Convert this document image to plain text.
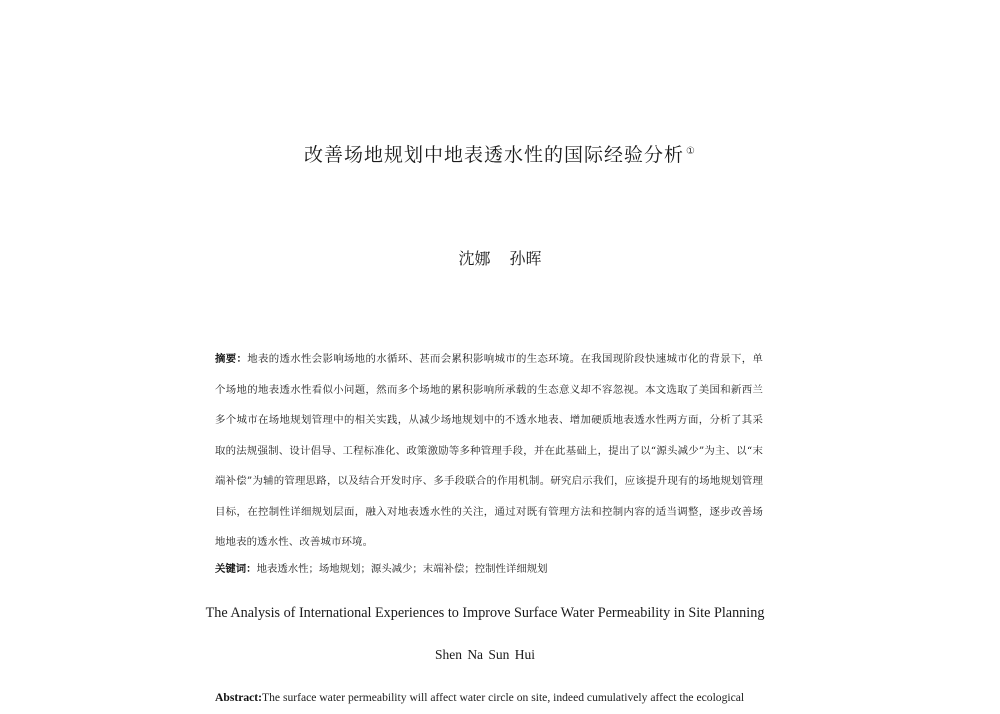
改善场地规划中地表透水性的国际经验分析 ①
沈娜 孙晖
摘要：地表的透水性会影响场地的水循环、甚而会累积影响城市的生态环境。在我国现阶段快速城市化的背景下，单个场地的地表透水性看似小问题，然而多个场地的累积影响所承载的生态意义却不容忽视。本文选取了美国和新西兰多个城市在场地规划管理中的相关实践，从减少场地规划中的不透水地表、增加硬质地表透水性两方面，分析了其采取的法规强制、设计倡导、工程标准化、政策激励等多种管理手段，并在此基础上，提出了以“源头减少”为主、以“末端补偿”为辅的管理思路，以及结合开发时序、多手段联合的作用机制。研究启示我们，应该提升现有的场地规划管理目标，在控制性详细规划层面，融入对地表透水性的关注，通过对既有管理方法和控制内容的适当调整，逐步改善场地地表的透水性、改善城市环境。
关键词：地表透水性；场地规划；源头减少；末端补偿；控制性详细规划
The Analysis of International Experiences to Improve Surface Water Permeability in Site Planning
Shen Na Sun Hui
Abstract:The surface water permeability will affect water circle on site, indeed cumulatively affect the ecological
